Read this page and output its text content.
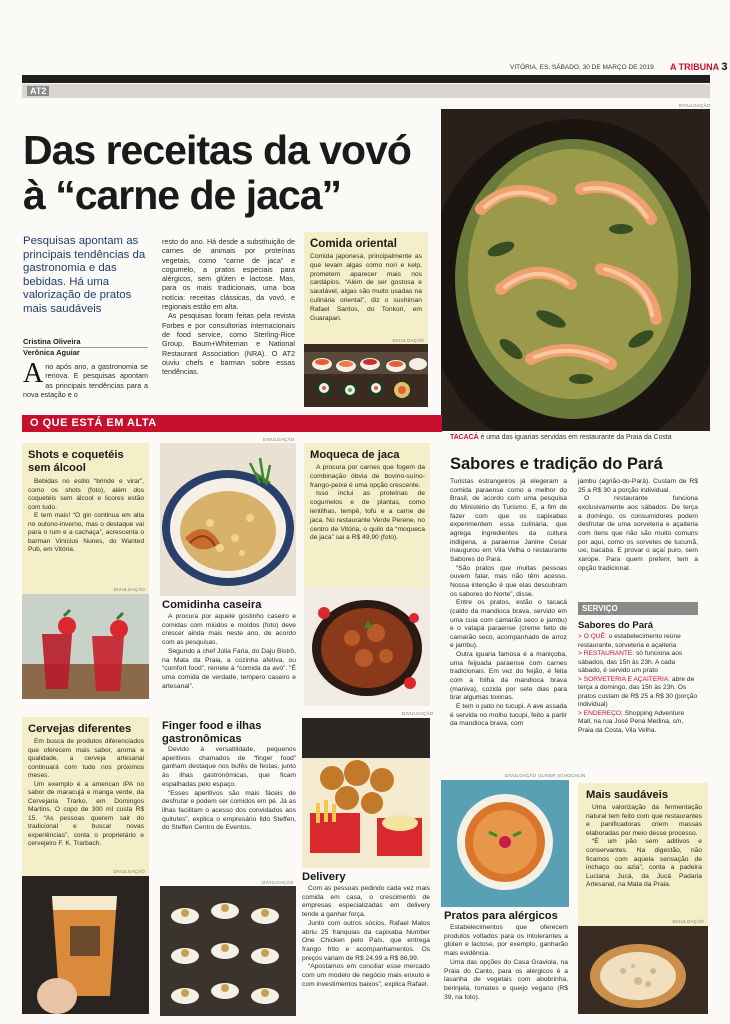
VITÓRIA, ES, SÁBADO, 30 DE MARÇO DE 2019 A TRIBUNA 3
AT2
Das receitas da vovó
à “carne de jaca”
Pesquisas apontam as principais tendências da gastronomia e das bebidas. Há uma valorização de pratos mais saudáveis
Cristina Oliveira
Verônica Aguiar
A no após ano, a gastronomia se renova. E pesquisas apontam as principais tendências para a nova estação e o

resto do ano. Há desde a substituição de carnes de animais por proteínas vegetais, como “carne de jaca” e cogumelo, a pratos especiais para alérgicos, sem glúten e lactose. Mas, para os mais tradicionais, uma boa notícia: receitas clássicas, da vovó, e regionais estão em alta.

As pesquisas foram feitas pela revista Forbes e por consultorias internacionais de food service, como Sterling-Rice Group, Baum+Whiteman e National Restaurant Association (NRA). O AT2 ouviu chefs e barman sobre essas tendências.

Comida oriental
Comida japonesa, principalmente as que levam algas como nori e kelp, prometem aparecer mais nos cardápios. “Além de ser gostosa e saudável, algas são muito usadas na culinária oriental”, diz o sushiman Rafael Santos, do Tonkori, em Guarapari.
DIVULGAÇÃO
DIVULGAÇÃO
TACACÁ é uma das iguarias servidas em restaurante da Praia da Costa
O QUE ESTÁ EM ALTA
Shots e coquetéis sem álcool

Bebidas no estilo “brinde e virar”, como os shots (foto), além dos coquetéis sem álcool e licores estão com tudo.

E tem mais! “O gin continua em alta no outono-inverno, mas o destaque vai para o rum e a cachaça”, acrescenta o barman Vinícius Nunes, do Wanted Pub, em Vitória.

DIVULGAÇÃO
DIVULGAÇÃO
Comidinha caseira

A procura por aquele gostinho caseiro e comidas com miúdos e moídos (foto) deve crescer ainda mais neste ano, de acordo com as pesquisas.

Segundo a chef Júlia Faria, do Daju Bistrô, na Mata da Praia, a cozinha afetiva, ou “comfort food”, remete à “comida da avó”. “É uma comida de verdade, tempero caseiro e artesanal”.

Moqueca de jaca

A procura por carnes que fogem da combinação óbvia de bovino-suíno-frango-peixe é uma opção crescente.

Isso inclui as proteínas de cogumelos e de plantas, como lentilhas, tempê, tofu e a carne de jaca. No restaurante Verde Perene, no centro de Vitória, o quilo da “moqueca de jaca” sai a R$ 49,90 (foto).

Sabores e tradição do Pará

Turistas estrangeiros já elegeram a comida paraense como a melhor do Brasil, de acordo com uma pesquisa do Ministério do Turismo. E, a fim de fazer com que os capixabas experimentem essa culinária, que agrega ingredientes da cultura indígena, a paraense Janine Cesar inaugurou em Vila Velha o restaurante Sabores do Pará.

“São pratos que muitas pessoas ouvem falar, mas não têm acesso. Nossa intenção é que elas descubram os sabores do Norte”, disse.

Entre os pratos, estão o tacacá (caldo da mandioca brava, servido em uma cuia com camarão seco e jambu) e o vatapá paraense (creme feito de camarão seco, acompanhado de arroz e jambu).

Outra iguaria famosa é a maniçoba, uma feijoada paraense com carnes tradicionais. Em vez do feijão, é feita com a folha da mandioca brava (maniva), cozida por sete dias para tirar algumas toxinas.

E tem o pato no tucupi. A ave assada é servida no molho tucupi, feito a partir da mandioca brava, com

jambu (agrião-do-Pará). Custam de R$ 25 a R$ 30 a porção individual.

O restaurante funciona exclusivamente aos sábados. De terça a domingo, os consumidores podem desfrutar de uma sorveteria e açaiteria com itens que não são muito comuns por aqui, como os sorvetes de tucumã, uxi, bacaba. E provar o açaí puro, sem xarope. Para quem preferir, tem a opção tradicional.

SERVIÇO
Sabores do Pará
> O QUÊ: o estabelecimento reúne restaurante, sorveteria e açaiteria
> RESTAURANTE: só funciona aos sábados, das 15h às 23h. A cada sábado, é servido um prato
> SORVETERIA E AÇAITERIA: abre de terça a domingo, das 15h às 23h. Os pratos custam de R$ 25 a R$ 30 (porção individual)
> ENDEREÇO: Shopping Adventure Mall, na rua José Pena Medina, s/n, Praia da Costa, Vila Velha.
Cervejas diferentes

Em busca de produtos diferenciados que oferecem mais sabor, aroma e qualidade, a cerveja artesanal continuará com tudo nos próximos meses.

Um exemplo é a american IPA no sabor de maracujá e manga verde, da Cervejaria Trarko, em Domingos Martins. O copo de 300 ml custa R$ 15. “As pessoas querem sair do tradicional e buscar novas experiências”, conta o proprietário e cervejeiro F. K. Trarbach.

DIVULGAÇÃO
Finger food e ilhas gastronômicas

Devido à versatilidade, pequenos aperitivos chamados de “finger food” ganham destaque nos bufês de festas, junto às ilhas gastronômicas, que ficam espalhadas pelo espaço.

“Esses aperitivos são mais fáceis de desfrutar e podem ser comidos em pé. Já as ilhas facilitam o acesso dos convidados aos quitutes”, explica o empresário Ildo Steffen, do Steffen Centro de Eventos.

DIVULGAÇÃO
DIVULGAÇÃO
Delivery

Com as pessoas pedindo cada vez mais comida em casa, o crescimento de empresas especializadas em delivery tende a ganhar força.

Junto com outros sócios, Rafael Matos abriu 25 franquias da capixaba Number One Chicken pelo País, que entrega frango frito e acompanhamentos. Os preços variam de R$ 24,99 a R$ 86,99.

“Apostamos em conciliar esse mercado com um modelo de negócio mais enxuto e com investimentos baixos”, explica Rafael.

DIVULGAÇÃO OLIVER SCHOCHLIN
Pratos para alérgicos

Estabelecimentos que oferecem produtos voltados para os intolerantes a glúten e lactose, por exemplo, ganharão mais evidência.

Uma das opções do Casa Graviola, na Praia do Canto, para os alérgicos é a lasanha de vegetais com abobrinha, berinjela, tomates e queijo vegano (R$ 39, na foto).

Mais saudáveis

Uma valorização da fermentação natural tem feito com que restaurantes e panificadoras criem massas elaboradas por meio desse processo.

“É um pão sem aditivos e conservantes. Na digestão, não ficamos com aquela sensação de inchaço ou azia”, conta a padeira Luciana Jucá, da Jucá Padaria Artesanal, na Mata da Praia.

DIVULGAÇÃO
